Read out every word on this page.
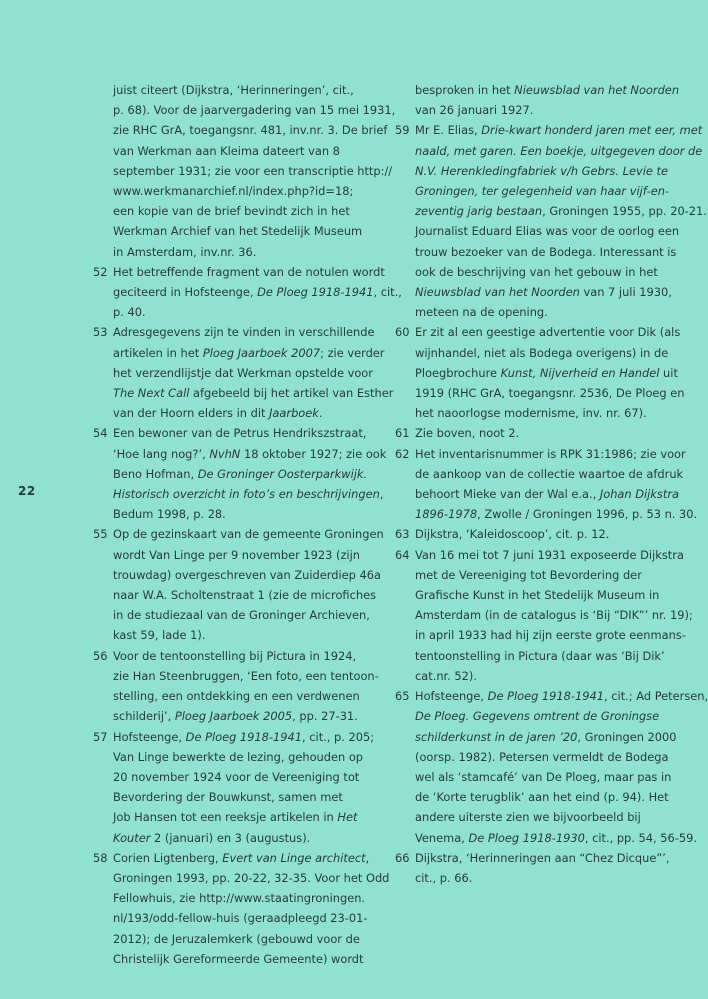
22
juist citeert (Dijkstra, ‘Herinneringen’, cit.,
p. 68). Voor de jaarvergadering van 15 mei 1931,
zie RHC GrA, toegangsnr. 481, inv.nr. 3. De brief
van Werkman aan Kleima dateert van 8
september 1931; zie voor een transcriptie http://
www.werkmanarchief.nl/index.php?id=18;
een kopie van de brief bevindt zich in het
Werkman Archief van het Stedelijk Museum
in Amsterdam, inv.nr. 36.
52 Het betreffende fragment van de notulen wordt
geciteerd in Hofsteenge, De Ploeg 1918-1941, cit.,
p. 40.
53 Adresgegevens zijn te vinden in verschillende
artikelen in het Ploeg Jaarboek 2007; zie verder
het verzendlijstje dat Werkman opstelde voor
The Next Call afgebeeld bij het artikel van Esther
van der Hoorn elders in dit Jaarboek.
54 Een bewoner van de Petrus Hendrikszstraat,
‘Hoe lang nog?’, NvhN 18 oktober 1927; zie ook
Beno Hofman, De Groninger Oosterparkwijk.
Historisch overzicht in foto’s en beschrijvingen,
Bedum 1998, p. 28.
55 Op de gezinskaart van de gemeente Groningen
wordt Van Linge per 9 november 1923 (zijn
trouwdag) overgeschreven van Zuiderdiep 46a
naar W.A. Scholtenstraat 1 (zie de microfiches
in de studiezaal van de Groninger Archieven,
kast 59, lade 1).
56 Voor de tentoonstelling bij Pictura in 1924,
zie Han Steenbruggen, ‘Een foto, een tentoon-
stelling, een ontdekking en een verdwenen
schilderij’, Ploeg Jaarboek 2005, pp. 27-31.
57 Hofsteenge, De Ploeg 1918-1941, cit., p. 205;
Van Linge bewerkte de lezing, gehouden op
20 november 1924 voor de Vereeniging tot
Bevordering der Bouwkunst, samen met
Job Hansen tot een reeksje artikelen in Het
Kouter 2 (januari) en 3 (augustus).
58 Corien Ligtenberg, Evert van Linge architect,
Groningen 1993, pp. 20-22, 32-35. Voor het Odd
Fellowhuis, zie http://www.staatingroningen.
nl/193/odd-fellow-huis (geraadpleegd 23-01-
2012); de Jeruzalemkerk (gebouwd voor de
Christelijk Gereformeerde Gemeente) wordt
besproken in het Nieuwsblad van het Noorden
van 26 januari 1927.
59 Mr E. Elias, Drie-kwart honderd jaren met eer, met
naald, met garen. Een boekje, uitgegeven door de
N.V. Herenkledingfabriek v/h Gebrs. Levie te
Groningen, ter gelegenheid van haar vijf-en-
zeventig jarig bestaan, Groningen 1955, pp. 20-21.
Journalist Eduard Elias was voor de oorlog een
trouw bezoeker van de Bodega. Interessant is
ook de beschrijving van het gebouw in het
Nieuwsblad van het Noorden van 7 juli 1930,
meteen na de opening.
60 Er zit al een geestige advertentie voor Dik (als
wijnhandel, niet als Bodega overigens) in de
Ploegbrochure Kunst, Nijverheid en Handel uit
1919 (RHC GrA, toegangsnr. 2536, De Ploeg en
het naoorlogse modernisme, inv. nr. 67).
61 Zie boven, noot 2.
62 Het inventarisnummer is RPK 31:1986; zie voor
de aankoop van de collectie waartoe de afdruk
behoort Mieke van der Wal e.a., Johan Dijkstra
1896-1978, Zwolle / Groningen 1996, p. 53 n. 30.
63 Dijkstra, ‘Kaleidoscoop’, cit. p. 12.
64 Van 16 mei tot 7 juni 1931 exposeerde Dijkstra
met de Vereeniging tot Bevordering der
Grafische Kunst in het Stedelijk Museum in
Amsterdam (in de catalogus is ‘Bij “DIK”’ nr. 19);
in april 1933 had hij zijn eerste grote eenmans-
tentoonstelling in Pictura (daar was ‘Bij Dik’
cat.nr. 52).
65 Hofsteenge, De Ploeg 1918-1941, cit.; Ad Petersen,
De Ploeg. Gegevens omtrent de Groningse
schilderkunst in de jaren ’20, Groningen 2000
(oorsp. 1982). Petersen vermeldt de Bodega
wel als ‘stamcafé’ van De Ploeg, maar pas in
de ‘Korte terugblik’ aan het eind (p. 94). Het
andere uiterste zien we bijvoorbeeld bij
Venema, De Ploeg 1918-1930, cit., pp. 54, 56-59.
66 Dijkstra, ‘Herinneringen aan “Chez Dicque”’,
cit., p. 66.
